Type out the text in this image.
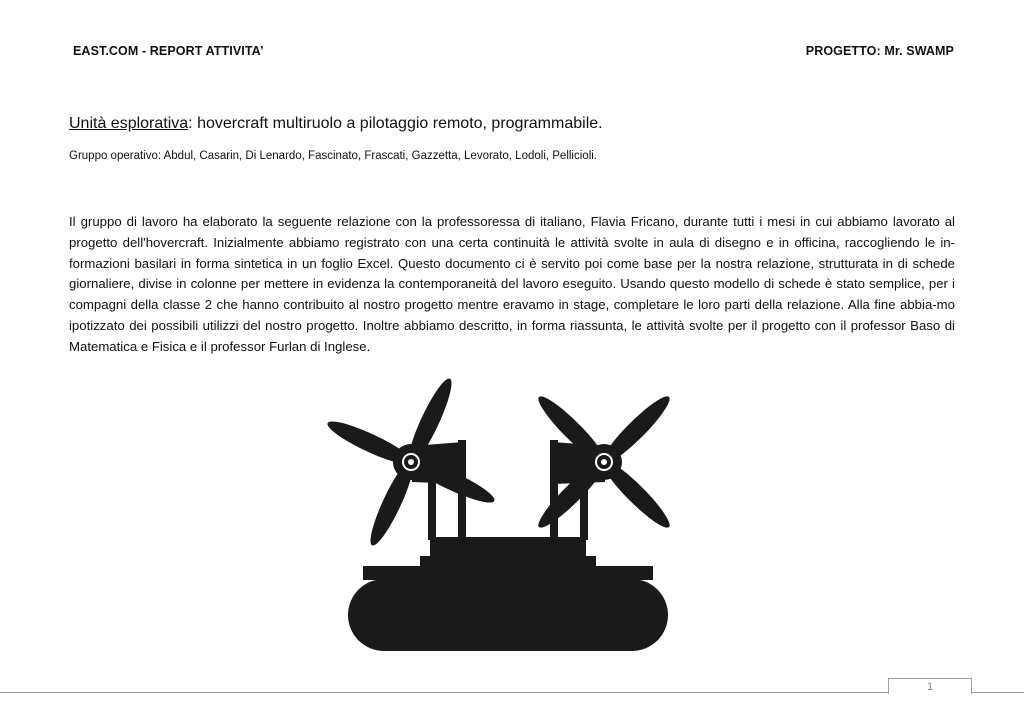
EAST.COM - REPORT ATTIVITA’	PROGETTO: Mr. SWAMP
Unità esplorativa: hovercraft multiruolo a pilotaggio remoto, programmabile.
Gruppo operativo: Abdul, Casarin, Di Lenardo, Fascinato, Frascati, Gazzetta, Levorato, Lodoli, Pellicioli.

Il gruppo di lavoro ha elaborato la seguente relazione con la professoressa di italiano, Flavia Fricano, durante tutti i mesi in cui abbiamo lavorato al progetto dell'hovercraft. Inizialmente abbiamo registrato con una certa continuità le attività svolte in aula di disegno e in officina, raccogliendo le in-formazioni basilari in forma sintetica in un foglio Excel. Questo documento ci è servito poi come base per la nostra relazione, strutturata in di schede giornaliere, divise in colonne per mettere in evidenza la contemporaneità del lavoro eseguito. Usando questo modello di schede è stato semplice, per i compagni della classe 2 che hanno contribuito al nostro progetto mentre eravamo in stage, completare le loro parti della relazione. Alla fine abbia-mo ipotizzato dei possibili utilizzi del nostro progetto. Inoltre abbiamo descritto, in forma riassunta, le attività svolte per il progetto con il professor Baso di Matematica e Fisica e il professor Furlan di Inglese.

1
